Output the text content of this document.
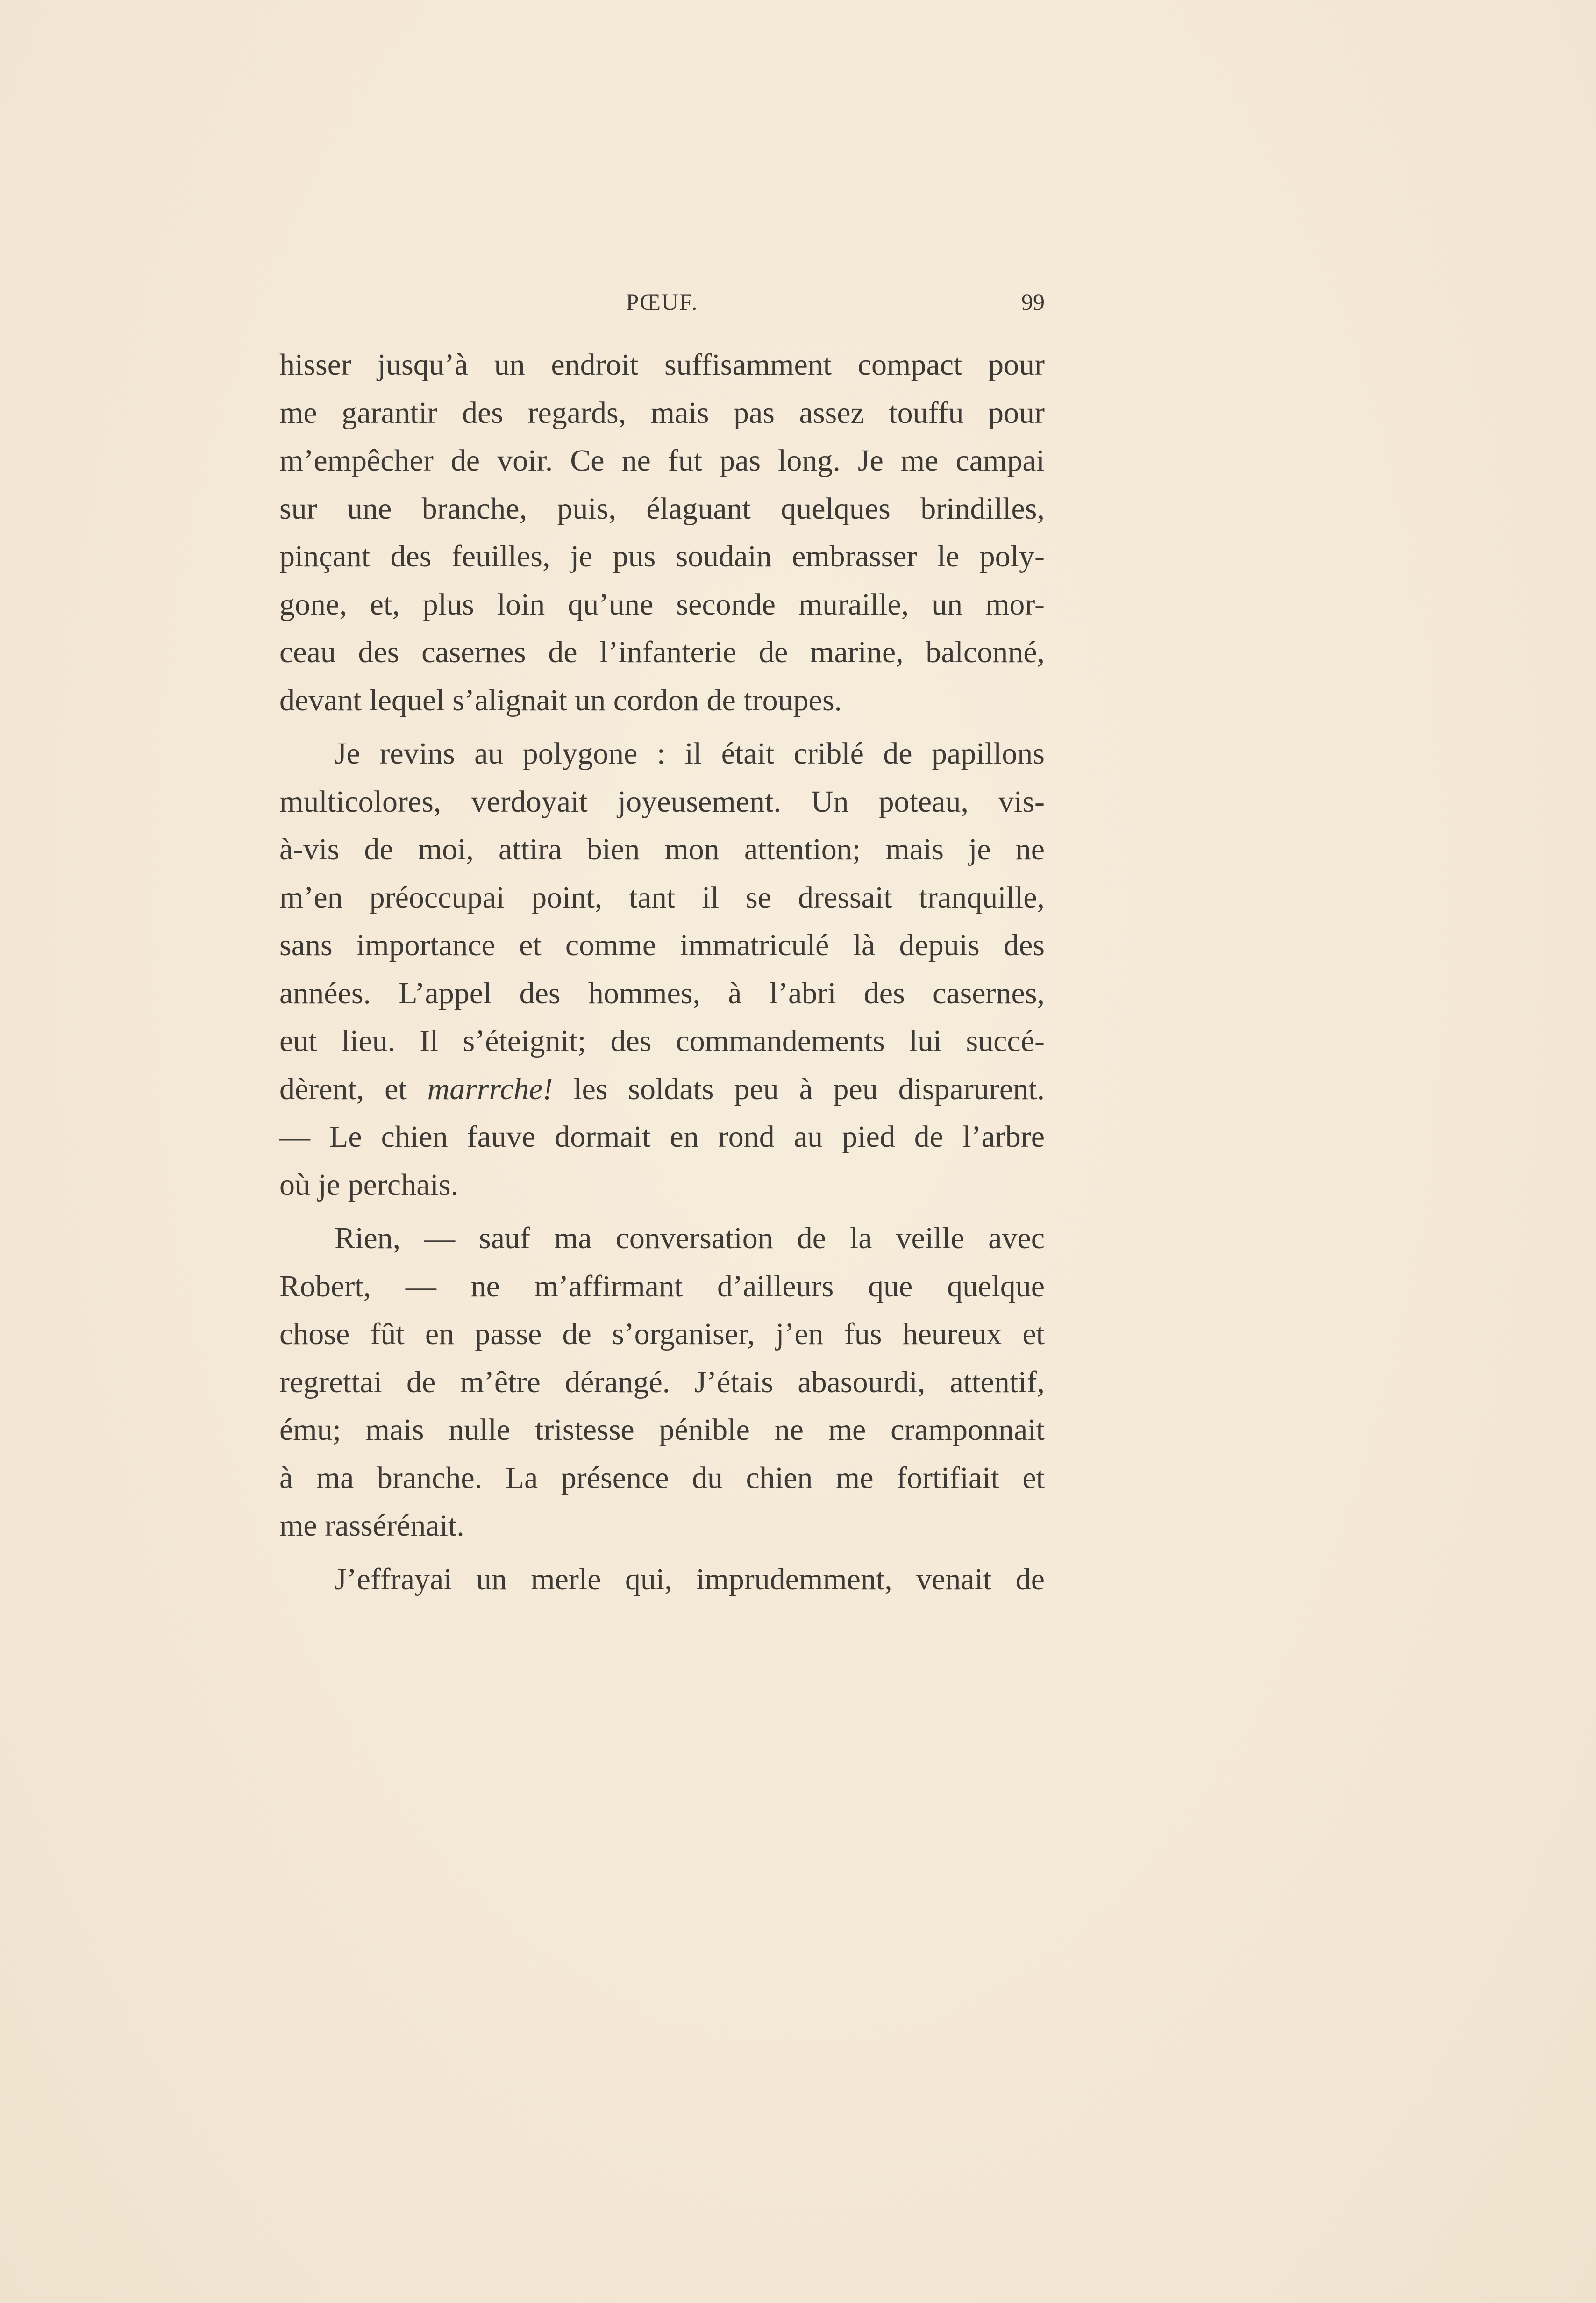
PŒUF.	99
hisser jusqu’à un endroit suffisamment compact pour
me garantir des regards, mais pas assez touffu pour
m’empêcher de voir. Ce ne fut pas long. Je me campai
sur une branche, puis, élaguant quelques brindilles,
pinçant des feuilles, je pus soudain embrasser le poly-
gone, et, plus loin qu’une seconde muraille, un mor-
ceau des casernes de l’infanterie de marine, balconné,
devant lequel s’alignait un cordon de troupes.
Je revins au polygone : il était criblé de papillons
multicolores, verdoyait joyeusement. Un poteau, vis-
à-vis de moi, attira bien mon attention; mais je ne
m’en préoccupai point, tant il se dressait tranquille,
sans importance et comme immatriculé là depuis des
années. L’appel des hommes, à l’abri des casernes,
eut lieu. Il s’éteignit; des commandements lui succé-
dèrent, et marrrche! les soldats peu à peu disparurent.
— Le chien fauve dormait en rond au pied de l’arbre
où je perchais.
Rien, — sauf ma conversation de la veille avec
Robert, — ne m’affirmant d’ailleurs que quelque
chose fût en passe de s’organiser, j’en fus heureux et
regrettai de m’être dérangé. J’étais abasourdi, attentif,
ému; mais nulle tristesse pénible ne me cramponnait
à ma branche. La présence du chien me fortifiait et
me rassérénait.
J’effrayai un merle qui, imprudemment, venait de
